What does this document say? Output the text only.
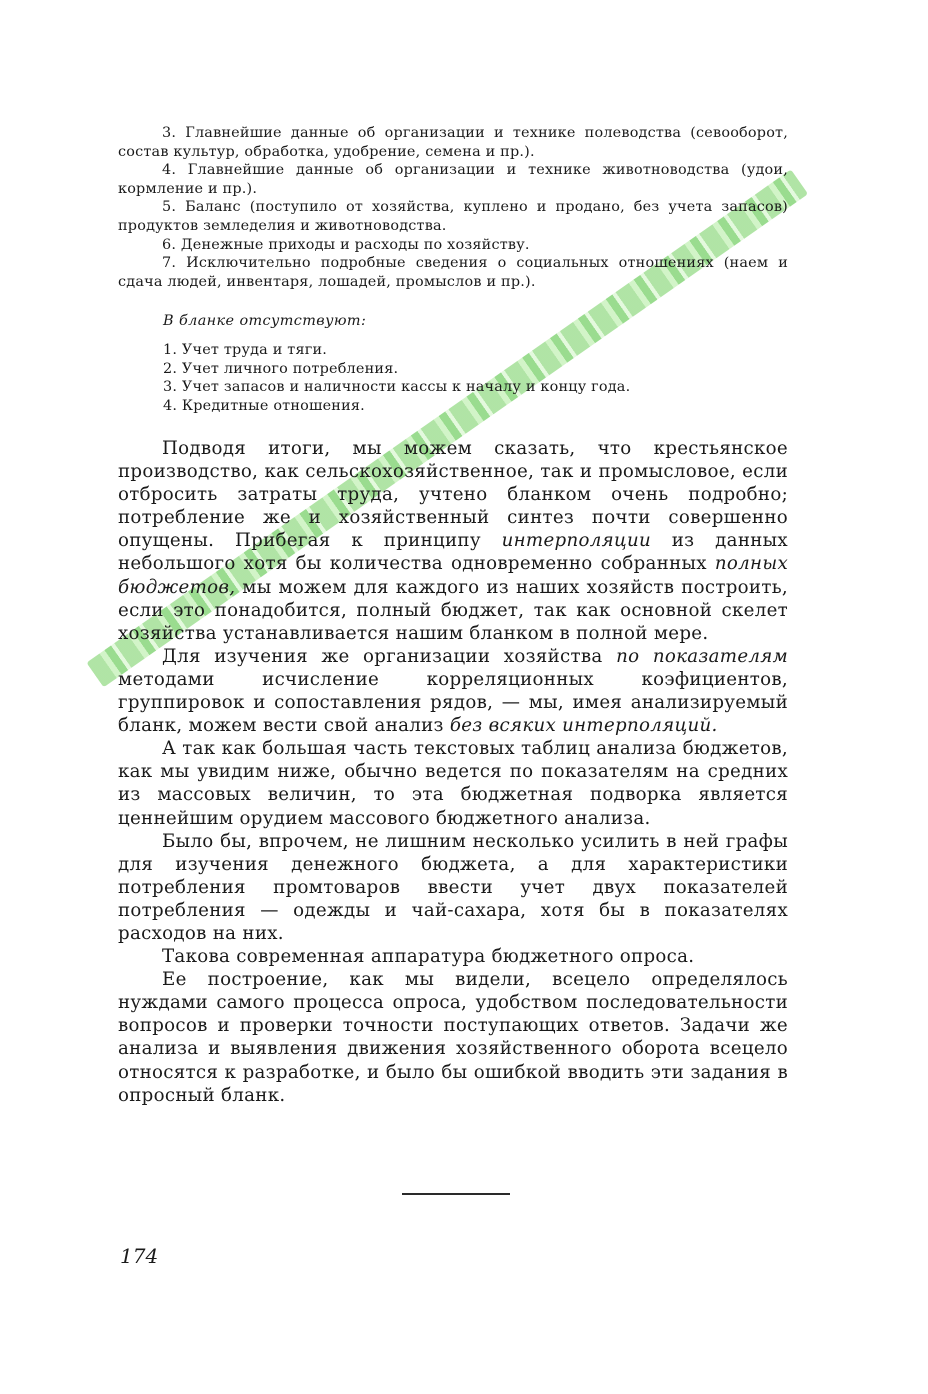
3. Главнейшие данные об организации и технике полеводства (севооборот, состав культур, обработка, удобрение, семена и пр.).

4. Главнейшие данные об организации и технике животноводства (удои, кормление и пр.).

5. Баланс (поступило от хозяйства, куплено и продано, без учета запасов) продуктов земледелия и животноводства.

6. Денежные приходы и расходы по хозяйству.

7. Исключительно подробные сведения о социальных отношениях (наем и сдача людей, инвентаря, лошадей, промыслов и пр.).

В бланке отсутствуют:
1. Учет труда и тяги.
2. Учет личного потребления.
3. Учет запасов и наличности кассы к началу и концу года.
4. Кредитные отношения.

Подводя итоги, мы можем сказать, что крестьянское производство, как сельскохозяйственное, так и промысловое, если отбросить затраты труда, учтено бланком очень подробно; потребление же и хозяйственный синтез почти совершенно опущены. Прибегая к принципу интерполяции из данных небольшого хотя бы количества одновременно собранных полных бюджетов, мы можем для каждого из наших хозяйств построить, если это понадобится, полный бюджет, так как основной скелет хозяйства устанавливается нашим бланком в полной мере.

Для изучения же организации хозяйства по показателям методами исчисление корреляционных коэфициентов, группировок и сопоставления рядов, — мы, имея анализируемый бланк, можем вести свой анализ без всяких интерполяций.

А так как большая часть текстовых таблиц анализа бюджетов, как мы увидим ниже, обычно ведется по показателям на средних из массовых величин, то эта бюджетная подворка является ценнейшим орудием массового бюджетного анализа.

Было бы, впрочем, не лишним несколько усилить в ней графы для изучения денежного бюджета, а для характеристики потребления промтоваров ввести учет двух показателей потребления — одежды и чай-сахара, хотя бы в показателях расходов на них.

Такова современная аппаратура бюджетного опроса.

Ее построение, как мы видели, всецело определялось нуждами самого процесса опроса, удобством последовательности вопросов и проверки точности поступающих ответов. Задачи же анализа и выявления движения хозяйственного оборота всецело относятся к разработке, и было бы ошибкой вводить эти задания в опросный бланк.

174
